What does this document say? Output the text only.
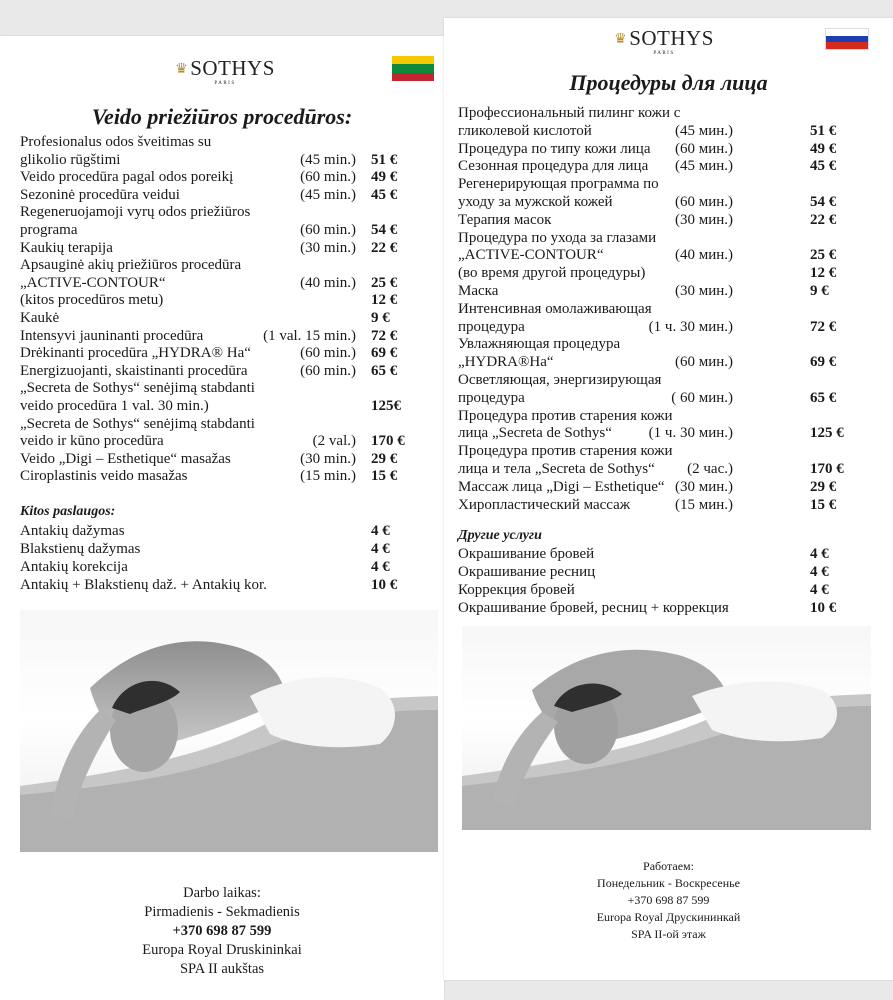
♛SOTHYS
PARIS
Veido priežiūros procedūros:
Profesionalus odos šveitimas su
glikolio rūgštimi	(45 min.) 51 €
Veido procedūra pagal odos poreikį	(60 min.) 49 €
Sezoninė procedūra veidui	(45 min.) 45 €
Regeneruojamoji vyrų odos priežiūros
programa	(60 min.) 54 €
Kaukių terapija	(30 min.) 22 €
Apsauginė akių priežiūros procedūra
„ACTIVE-CONTOUR“	(40 min.) 25 €
(kitos procedūros metu)	12 €
Kaukė	9 €
Intensyvi jauninanti procedūra	(1 val. 15 min.) 72 €
Drėkinanti procedūra „HYDRA® Ha“	(60 min.) 69 €
Energizuojanti, skaistinanti procedūra	(60 min.) 65 €
„Secreta de Sothys“ senėjimą stabdanti
veido procedūra 1 val. 30 min.)	125€
„Secreta de Sothys“ senėjimą stabdanti
veido ir kūno procedūra	(2 val.) 170 €
Veido „Digi – Esthetique“ masažas	(30 min.) 29 €
Ciroplastinis veido masažas	(15 min.) 15 €
Kitos paslaugos:
Antakių dažymas	4 €
Blakstienų dažymas	4 €
Antakių korekcija	4 €
Antakių + Blakstienų daž. + Antakių kor.	10 €
Darbo laikas:
Pirmadienis - Sekmadienis
+370 698 87 599
Europa Royal Druskininkai
SPA II aukštas
♛SOTHYS
PARIS
Процедуры для лица
Профессиональный пилинг кожи с
гликолевой кислотой	(45 мин.)	51 €
Процедура по типу кожи лица (60 мин.)	49 €
Сезонная процедура для лица (45 мин.)	45 €
Регенерирующая программа по
уходу за мужской кожей	(60 мин.)	54 €
Терапия масок	(30 мин.)	22 €
Процедура по ухода за глазами
„ACTIVE-CONTOUR“	(40 мин.)	25 €
(во время другой процедуры)	12 €
Маска	(30 мин.)	9 €
Интенсивная омолаживающая
процедура	(1 ч. 30 мин.)	72 €
Увлажняющая процедура
„HYDRA®Ha“	(60 мин.)	69 €
Осветляющая, энергизирующая
процедура	( 60 мин.)	65 €
Процедура против старения кожи
лица „Secreta de Sothys“ (1 ч. 30 мин.)	125 €
Процедура против старения кожи
лица и тела „Secreta de Sothys“ (2 час.)	170 €
Массаж лица „Digi – Esthetique“ (30 мин.)	29 €
Хиропластический массаж	(15 мин.)	15 €
Другие услуги
Окрашивание бровей	4 €
Окрашивание ресниц	4 €
Коррекция бровей	4 €
Окрашивание бровей, ресниц + коррекция	10 €
Работаем:
Понедельник - Воскресенье
+370 698 87 599
Europa Royal Друскининкай
SPA II-ой этаж
